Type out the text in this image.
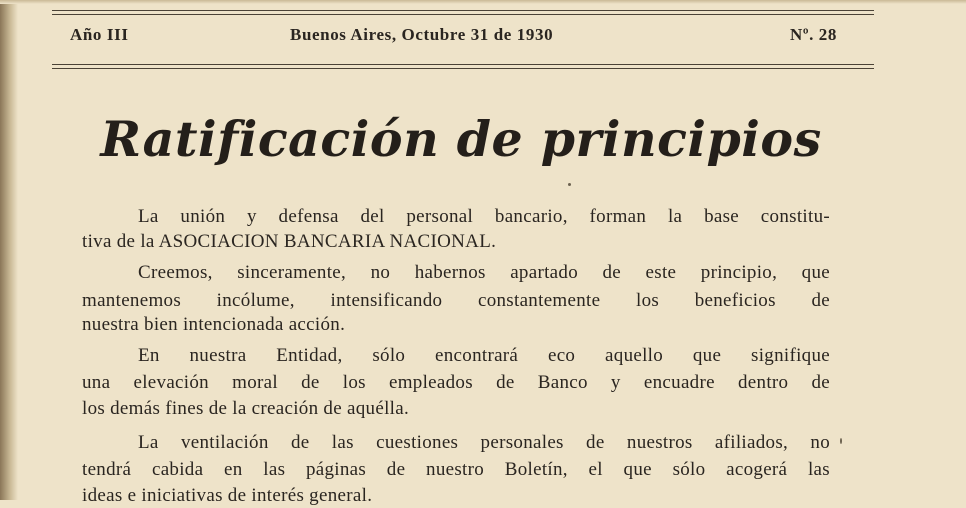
Año III	Buenos Aires, Octubre 31 de 1930	Nº. 28
Ratificación de principios
La unión y defensa del personal bancario, forman la base constitu-
tiva de la ASOCIACION BANCARIA NACIONAL.
Creemos, sinceramente, no habernos apartado de este principio, que
mantenemos incólume, intensificando constantemente los beneficios de
nuestra bien intencionada acción.
En nuestra Entidad, sólo encontrará eco aquello que signifique
una elevación moral de los empleados de Banco y encuadre dentro de
los demás fines de la creación de aquélla.
La ventilación de las cuestiones personales de nuestros afiliados, no
tendrá cabida en las páginas de nuestro Boletín, el que sólo acogerá las
ideas e iniciativas de interés general.
